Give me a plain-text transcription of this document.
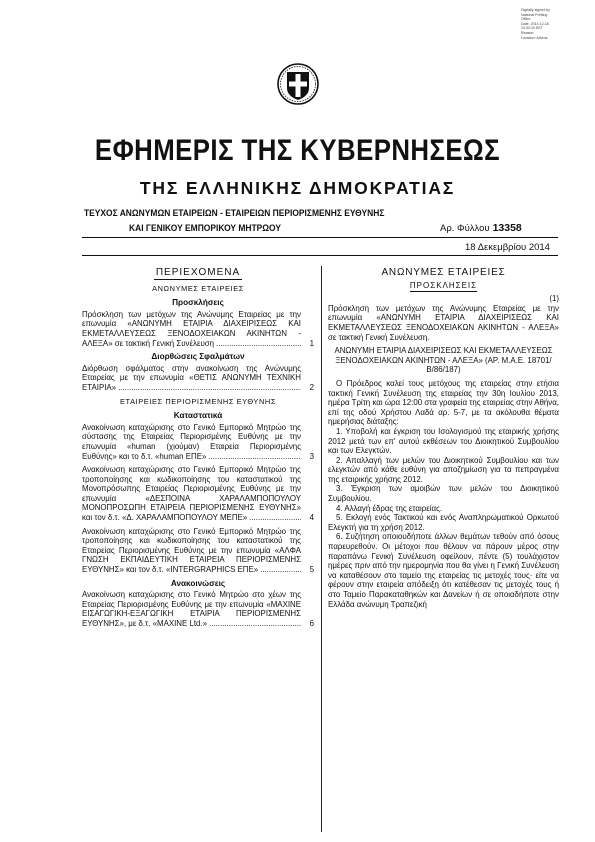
Digitally signed by
National Printing
Office
Date: 2014.12.18
13:32:10 EET
Reason:
Location: Athens
ΕΦΗΜΕΡΙΣ ΤΗΣ ΚΥΒΕΡΝΗΣΕΩΣ
ΤΗΣ ΕΛΛΗΝΙΚΗΣ ΔΗΜΟΚΡΑΤΙΑΣ
ΤΕΥΧΟΣ ΑΝΩΝΥΜΩΝ ΕΤΑΙΡΕΙΩΝ - ΕΤΑΙΡΕΙΩΝ ΠΕΡΙΟΡΙΣΜΕΝΗΣ ΕΥΘΥΝΗΣ
ΚΑΙ ΓΕΝΙΚΟΥ ΕΜΠΟΡΙΚΟΥ ΜΗΤΡΩΟΥ	Αρ. Φύλλου 13358
18 Δεκεμβρίου 2014
ΠΕΡΙΕΧΟΜΕΝΑ
ΑΝΩΝΥΜΕΣ ΕΤΑΙΡΕΙΕΣ
Προσκλήσεις
Πρόσκληση των μετόχων της Ανώνυμης Εταιρείας με την επωνυμία «ΑΝΩΝΥΜΗ ΕΤΑΙΡΙΑ ΔΙΑΧΕΙΡΙΣΕΩΣ ΚΑΙ ΕΚΜΕΤΑΛΛΕΥΣΕΩΣ ΞΕΝΟΔΟΧΕΙΑΚΩΝ ΑΚΙΝΗΤΩΝ - ΑΛΕΞΑ» σε τακτική Γενική Συνέλευση .....	1
Διορθώσεις Σφαλμάτων
Διόρθωση σφάλματος στην ανακοίνωση της Ανώνυμης Εταιρείας με την επωνυμία «ΘΕΤΙΣ ΑΝΩΝΥΜΗ ΤΕΧΝΙΚΗ ΕΤΑΙΡΙΑ» .....	2
ΕΤΑΙΡΕΙΕΣ ΠΕΡΙΟΡΙΣΜΕΝΗΣ ΕΥΘΥΝΗΣ
Καταστατικά
Ανακοίνωση καταχώρισης στο Γενικό Εμπορικό Μητρώο της σύστασης της Εταιρείας Περιορισμένης Ευθύνης με την επωνυμία «human (χιούμαν) Εταιρεία Περιορισμένης Ευθύνης» και το δ.τ. «human ΕΠΕ» .....	3
Ανακοίνωση καταχώρισης στο Γενικό Εμπορικό Μητρώο της τροποποίησης και κωδικοποίησης του καταστατικού της Μονοπρόσωπης Εταιρείας Περιορισμένης Ευθύνης με την επωνυμία «ΔΕΣΠΟΙΝΑ ΧΑΡΑΛΑΜΠΟΠΟΥΛΟΥ ΜΟΝΟΠΡΟΣΩΠΗ ΕΤΑΙΡΕΙΑ ΠΕΡΙΟΡΙΣΜΕΝΗΣ ΕΥΘΥΝΗΣ» και τον δ.τ. «Δ. ΧΑΡΑΛΑΜΠΟΠΟΥΛΟΥ ΜΕΠΕ» .....	4
Ανακοίνωση καταχώρισης στο Γενικό Εμπορικό Μητρώο της τροποποίησης και κωδικοποίησης του καταστατικού της Εταιρείας Περιορισμένης Ευθύνης με την επωνυμία «ΑΛΦΑ ΓΝΩΣΗ ΕΚΠΑΙΔΕΥΤΙΚΗ ΕΤΑΙΡΕΙΑ ΠΕΡΙΟΡΙΣΜΕΝΗΣ ΕΥΘΥΝΗΣ» και τον δ.τ. «INTERGRAPHICS ΕΠΕ» .....	5
Ανακοινώσεις
Ανακοίνωση καταχώρισης στο Γενικό Μητρώο στο χέων της Εταιρείας Περιορισμένης Ευθύνης με την επωνυμία «MAXINE ΕΙΣΑΓΩΓΙΚΗ-ΕΞΑΓΩΓΙΚΗ ΕΤΑΙΡΙΑ ΠΕΡΙΟΡΙΣΜΕΝΗΣ ΕΥΘΥΝΗΣ», με δ.τ. «MAXINE Ltd.» .....	6
ΑΝΩΝΥΜΕΣ ΕΤΑΙΡΕΙΕΣ
ΠΡΟΣΚΛΗΣΕΙΣ
(1)

Πρόσκληση των μετόχων της Ανώνυμης Εταιρείας με την επωνυμία «ΑΝΩΝΥΜΗ ΕΤΑΙΡΙΑ ΔΙΑΧΕΙΡΙΣΕΩΣ ΚΑΙ ΕΚΜΕΤΑΛΛΕΥΣΕΩΣ ΞΕΝΟΔΟΧΕΙΑΚΩΝ ΑΚΙΝΗΤΩΝ - ΑΛΕΞΑ» σε τακτική Γενική Συνέλευση.

ΑΝΩΝΥΜΗ ΕΤΑΙΡΙΑ ΔΙΑΧΕΙΡΙΣΕΩΣ ΚΑΙ ΕΚΜΕΤΑΛΛΕΥΣΕΩΣ ΞΕΝΟΔΟΧΕΙΑΚΩΝ ΑΚΙΝΗΤΩΝ - ΑΛΕΞΑ» (ΑΡ. Μ.Α.Ε. 18701/Β/86/187)

Ο Πρόεδρος καλεί τους μετόχους της εταιρείας στην ετήσια τακτική Γενική Συνέλευση της εταιρείας την 30η Ιουλίου 2013, ημέρα Τρίτη και ώρα 12:00 στα γραφεία της εταιρείας στην Αθήνα, επί της οδού Χρήστου Λαδά αρ. 5-7, με τα ακόλουθα θέματα ημερήσιας διάταξης:

1. Υποβολή και έγκριση του Ισολογισμού της εταιρικής χρήσης 2012 μετά των επ' αυτού εκθέσεων του Διοικητικού Συμβουλίου και των Ελεγκτών.

2. Απαλλαγή των μελών του Διοικητικού Συμβουλίου και των ελεγκτών από κάθε ευθύνη για αποζημίωση για τα πεπραγμένα της εταιρικής χρήσης 2012.

3. Έγκριση των αμοιβών των μελών του Διοικητικού Συμβουλίου.

4. Αλλαγή έδρας της εταιρείας.

5. Εκλογή ενός Τακτικού και ενός Αναπληρωματικού Ορκωτού Ελεγκτή για τη χρήση 2012.

6. Συζήτηση οποιουδήποτε άλλων θεμάτων τεθούν από όσους παρευρεθούν. Οι μέτοχοι που θέλουν να πάρουν μέρος στην παραπάνω Γενική Συνέλευση οφείλουν, πέντε (5) τουλάχιστον ημέρες πριν από την ημερομηνία που θα γίνει η Γενική Συνέλευση να καταθέσουν στο ταμείο της εταιρείας τις μετοχές τους· είτε να φέρουν στην εταιρεία απόδειξη ότι κατέθεσαν τις μετοχές τους ή στο Ταμείο Παρακαταθηκών και Δανείων ή σε οποιαδήποτε στην Ελλάδα ανώνυμη Τραπεζική
